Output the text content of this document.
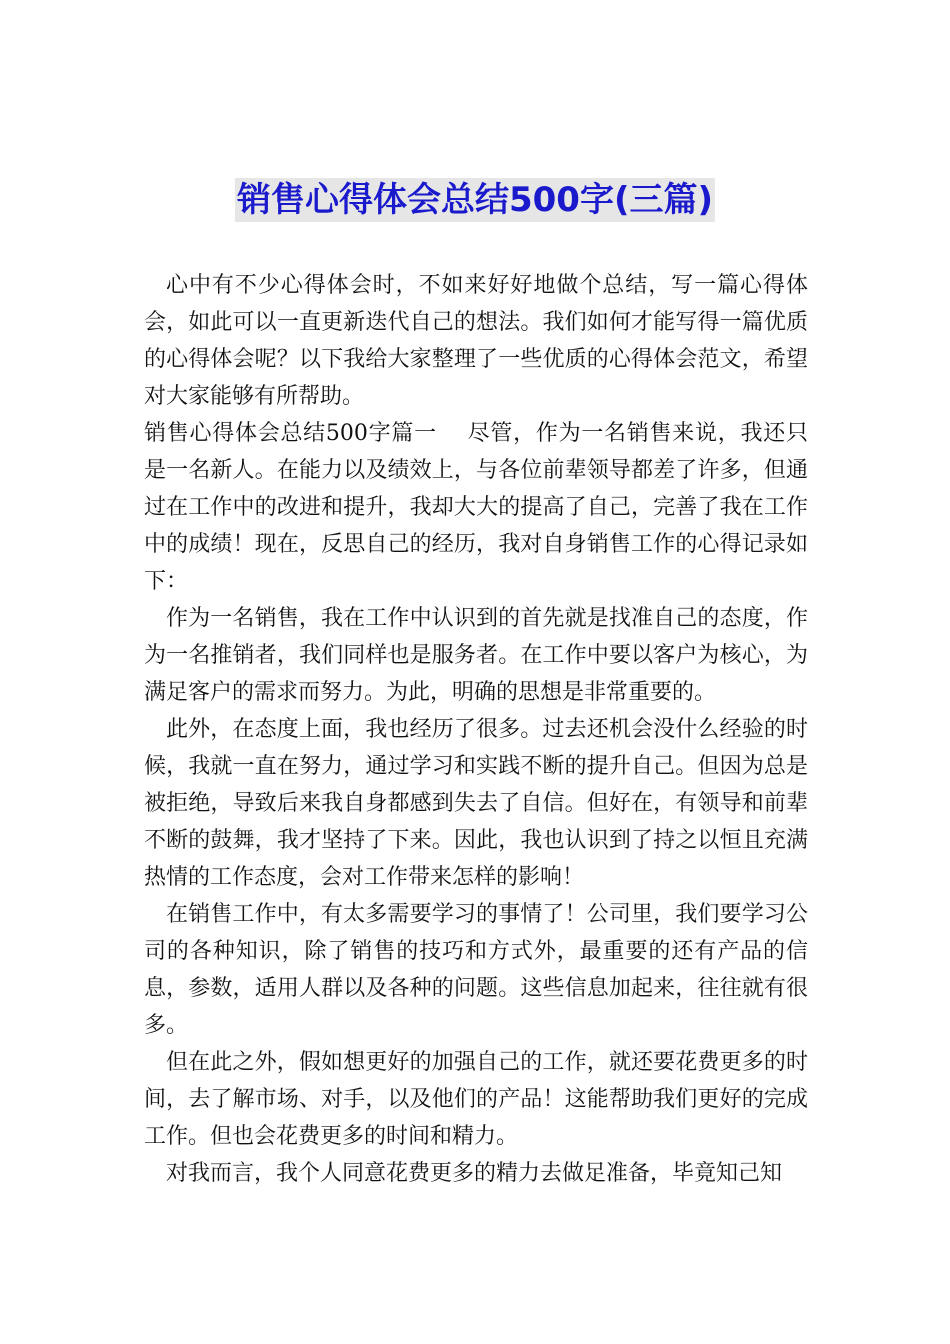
销售心得体会总结500字(三篇)

心中有不少心得体会时，不如来好好地做个总结，写一篇心得体会，如此可以一直更新迭代自己的想法。我们如何才能写得一篇优质的心得体会呢？以下我给大家整理了一些优质的心得体会范文，希望对大家能够有所帮助。

销售心得体会总结500字篇一 尽管，作为一名销售来说，我还只是一名新人。在能力以及绩效上，与各位前辈领导都差了许多，但通过在工作中的改进和提升，我却大大的提高了自己，完善了我在工作中的成绩！现在，反思自己的经历，我对自身销售工作的心得记录如下：

作为一名销售，我在工作中认识到的首先就是找准自己的态度，作为一名推销者，我们同样也是服务者。在工作中要以客户为核心，为满足客户的需求而努力。为此，明确的思想是非常重要的。

此外，在态度上面，我也经历了很多。过去还机会没什么经验的时候，我就一直在努力，通过学习和实践不断的提升自己。但因为总是被拒绝，导致后来我自身都感到失去了自信。但好在，有领导和前辈不断的鼓舞，我才坚持了下来。因此，我也认识到了持之以恒且充满热情的工作态度，会对工作带来怎样的影响！

在销售工作中，有太多需要学习的事情了！公司里，我们要学习公司的各种知识，除了销售的技巧和方式外，最重要的还有产品的信息，参数，适用人群以及各种的问题。这些信息加起来，往往就有很多。

但在此之外，假如想更好的加强自己的工作，就还要花费更多的时间，去了解市场、对手，以及他们的产品！这能帮助我们更好的完成工作。但也会花费更多的时间和精力。

对我而言，我个人同意花费更多的精力去做足准备，毕竟知己知
